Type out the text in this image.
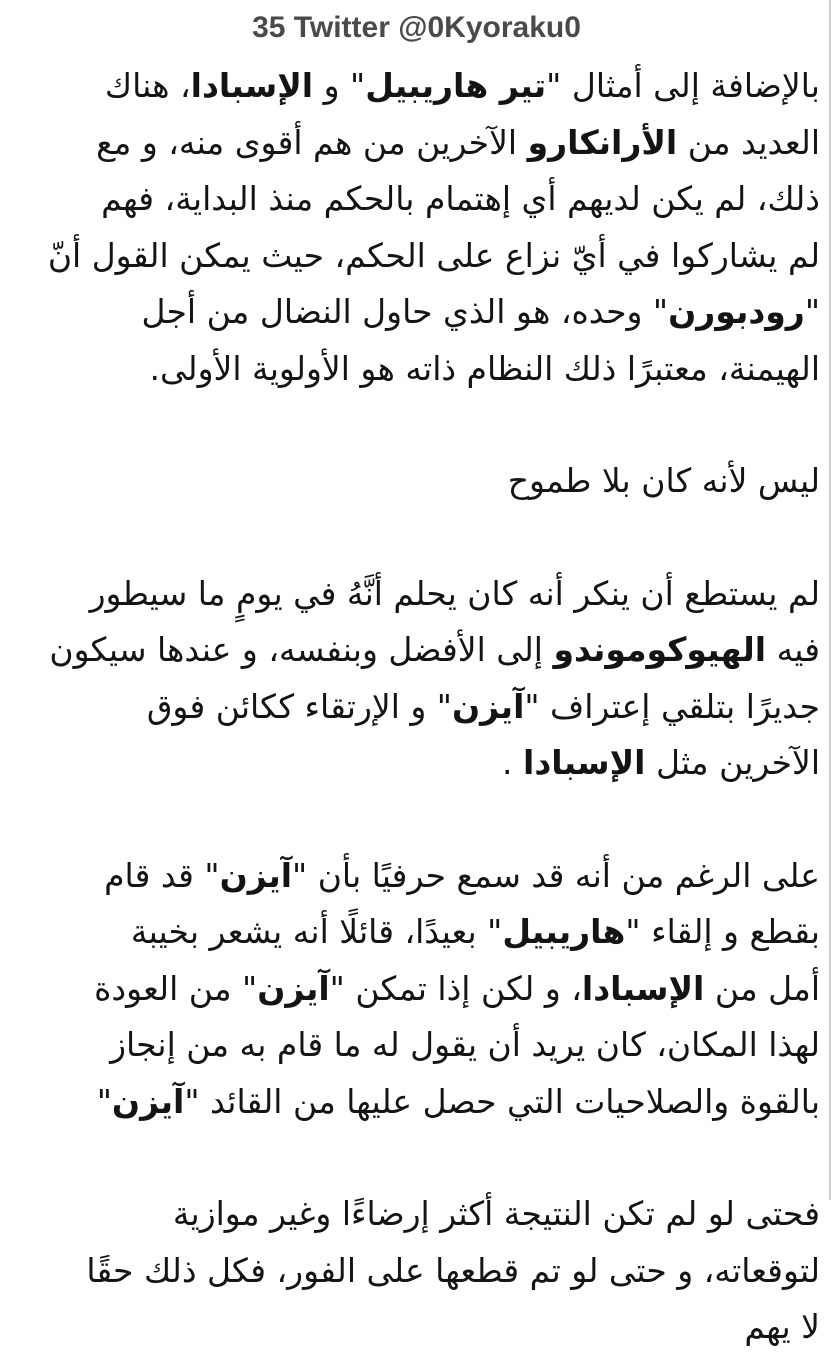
35 Twitter @0Kyoraku0
بالإضافة إلى أمثال "تير هاريبيل" و الإسبادا، هناك
العديد من الأرانكارو الآخرين من هم أقوى منه، و مع
ذلك، لم يكن لديهم أي إهتمام بالحكم منذ البداية، فهم
لم يشاركوا في أيّ نزاع على الحكم، حيث يمكن القول أنّ
"رودبورن" وحده، هو الذي حاول النضال من أجل
الهيمنة، معتبرًا ذلك النظام ذاته هو الأولوية الأولى.
ليس لأنه كان بلا طموح
لم يستطع أن ينكر أنه كان يحلم أنَّهُ في يومٍ ما سيطور
فيه الهيوكوموندو إلى الأفضل وبنفسه، و عندها سيكون
جديرًا بتلقي إعتراف "آيزن" و الإرتقاء ككائن فوق
الآخرين مثل الإسبادا .
على الرغم من أنه قد سمع حرفيًا بأن "آيزن" قد قام
بقطع و إلقاء "هاريبيل" بعيدًا، قائلًا أنه يشعر بخيبة
أمل من الإسبادا، و لكن إذا تمكن "آيزن" من العودة
لهذا المكان، كان يريد أن يقول له ما قام به من إنجاز
بالقوة والصلاحيات التي حصل عليها من القائد "آيزن"
فحتى لو لم تكن النتيجة أكثر إرضاءًا وغير موازية
لتوقعاته، و حتى لو تم قطعها على الفور، فكل ذلك حقًا
لا يهم
